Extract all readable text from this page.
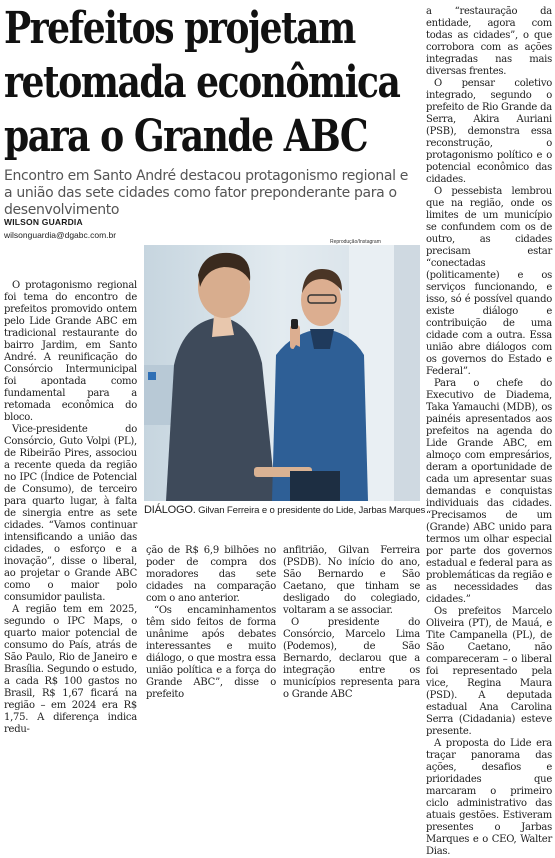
Prefeitos projetam
retomada econômica
para o Grande ABC
Encontro em Santo André destacou protagonismo regional e a união das sete cidades como fator preponderante para o desenvolvimento
WILSON GUARDIA
wilsonguardia@dgabc.com.br
Reprodução/Instagram
DIÁLOGO. Gilvan Ferreira e o presidente do Lide, Jarbas Marques

O protagonismo regional foi tema do encontro de prefeitos promovido ontem pelo Lide Grande ABC em tradicional restaurante do bairro Jardim, em Santo André. A reunificação do Consórcio Intermunicipal foi apontada como fundamental para a retomada econômica do bloco.

Vice-presidente do Consórcio, Guto Volpi (PL), de Ribeirão Pires, associou a recente queda da região no IPC (Índice de Potencial de Consumo), de terceiro para quarto lugar, à falta de sinergia entre as sete cidades. “Vamos continuar intensificando a união das cidades, o esforço e a inovação”, disse o liberal, ao projetar o Grande ABC como o maior polo consumidor paulista.

A região tem em 2025, segundo o IPC Maps, o quarto maior potencial de consumo do País, atrás de São Paulo, Rio de Janeiro e Brasília. Segundo o estudo, a cada R$ 100 gastos no Brasil, R$ 1,67 ficará na região – em 2024 era R$ 1,75. A diferença indica redu-

ção de R$ 6,9 bilhões no poder de compra dos moradores das sete cidades na comparação com o ano anterior.

“Os encaminhamentos têm sido feitos de forma unânime após debates interessantes e muito diálogo, o que mostra essa união política e a força do Grande ABC”, disse o prefeito

anfitrião, Gilvan Ferreira (PSDB). No início do ano, São Bernardo e São Caetano, que tinham se desligado do colegiado, voltaram a se associar.

O presidente do Consórcio, Marcelo Lima (Podemos), de São Bernardo, declarou que a integração entre os municípios representa para o Grande ABC

a “restauração da entidade, agora com todas as cidades”, o que corrobora com as ações integradas nas mais diversas frentes.

O pensar coletivo integrado, segundo o prefeito de Rio Grande da Serra, Akira Auriani (PSB), demonstra essa reconstrução, o protagonismo político e o potencial econômico das cidades.

O pessebista lembrou que na região, onde os limites de um município se confundem com os de outro, as cidades precisam estar “conectadas (politicamente) e os serviços funcionando, e isso, só é possível quando existe diálogo e contribuição de uma cidade com a outra. Essa união abre diálogos com os governos do Estado e Federal”.

Para o chefe do Executivo de Diadema, Taka Yamauchi (MDB), os painéis apresentados aos prefeitos na agenda do Lide Grande ABC, em almoço com empresários, deram a oportunidade de cada um apresentar suas demandas e conquistas individuais das cidades. “Precisamos de um (Grande) ABC unido para termos um olhar especial por parte dos governos estadual e federal para as problemáticas da região e as necessidades das cidades.”

Os prefeitos Marcelo Oliveira (PT), de Mauá, e Tite Campanella (PL), de São Caetano, não compareceram – o liberal foi representado pela vice, Regina Maura (PSD). A deputada estadual Ana Carolina Serra (Cidadania) esteve presente.

A proposta do Lide era traçar panorama das ações, desafios e prioridades que marcaram o primeiro ciclo administrativo das atuais gestões. Estiveram presentes o Jarbas Marques e o CEO, Walter Dias.
